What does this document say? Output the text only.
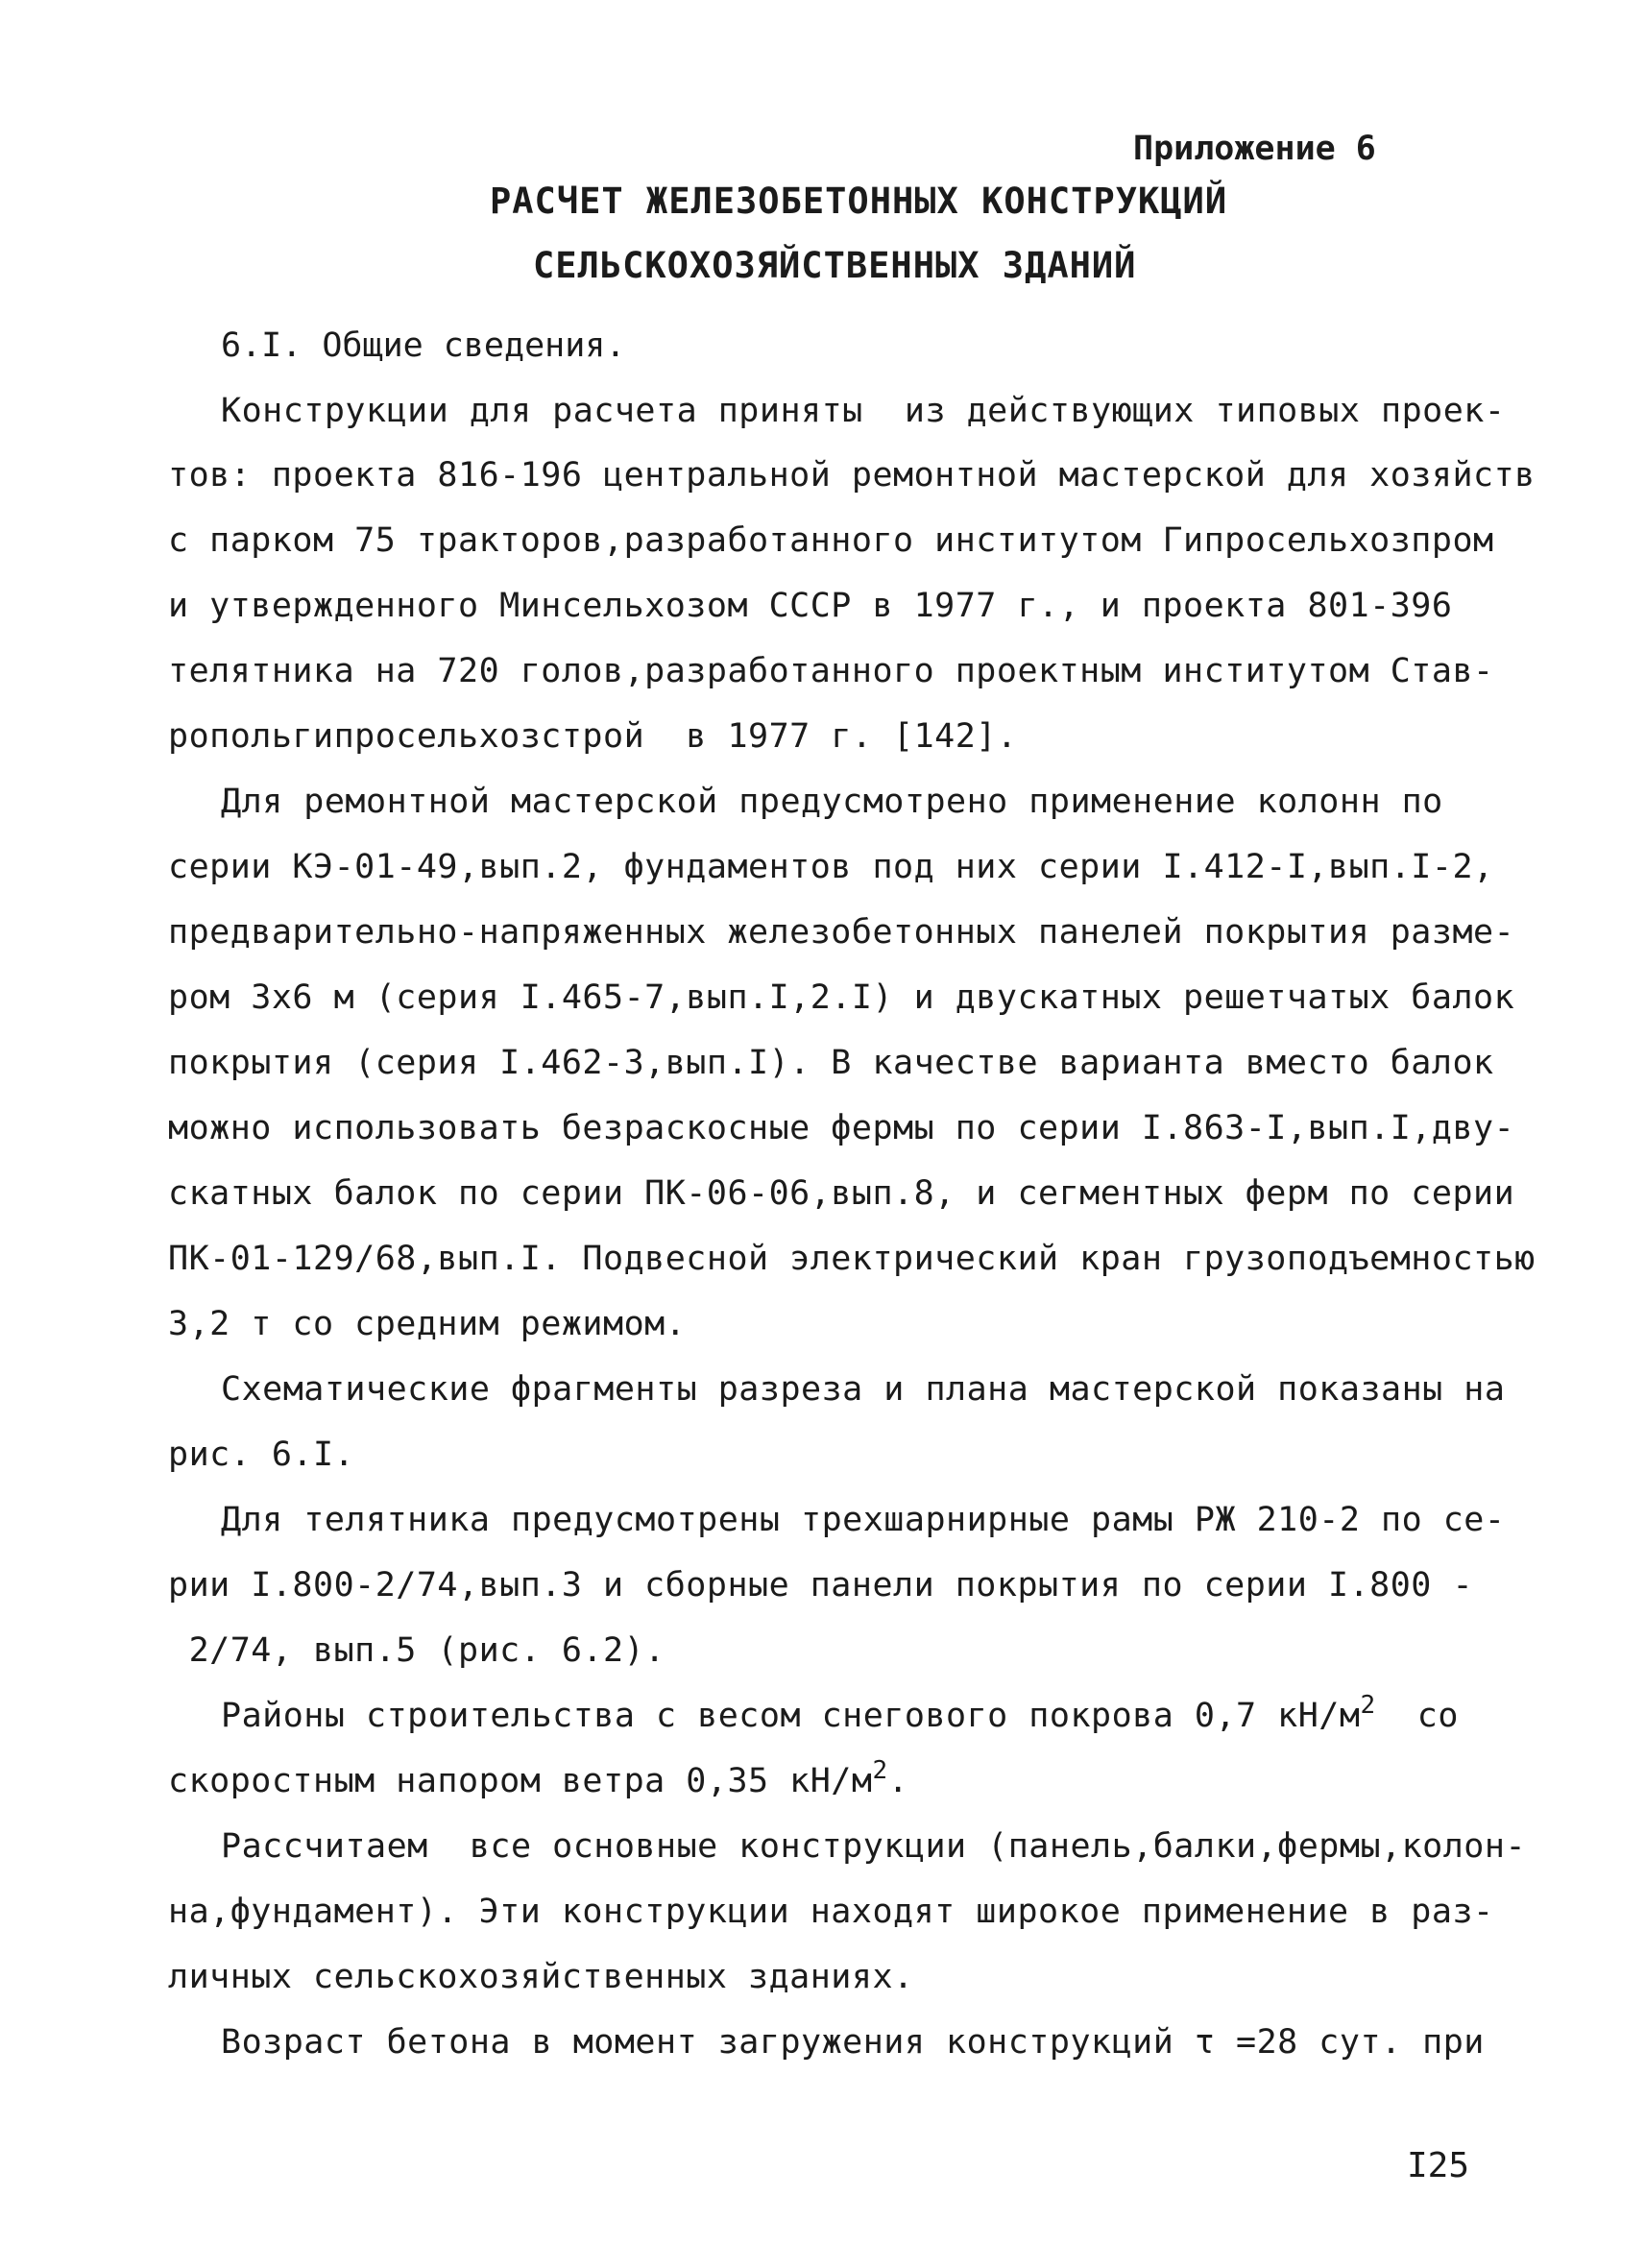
Приложение 6
РАСЧЕТ ЖЕЛЕЗОБЕТОННЫХ КОНСТРУКЦИЙ
СЕЛЬСКОХОЗЯЙСТВЕННЫХ ЗДАНИЙ
6.I. Общие сведения.
Конструкции для расчета приняты  из действующих типовых проек-
тов: проекта 816-196 центральной ремонтной мастерской для хозяйств
с парком 75 тракторов,разработанного институтом Гипросельхозпром
и утвержденного Минсельхозом СССР в 1977 г., и проекта 801-396
телятника на 720 голов,разработанного проектным институтом Став-
ропольгипросельхозстрой  в 1977 г. [142].
Для ремонтной мастерской предусмотрено применение колонн по
серии КЭ-01-49,вып.2, фундаментов под них серии I.412-I,вып.I-2,
предварительно-напряженных железобетонных панелей покрытия разме-
ром 3х6 м (серия I.465-7,вып.I,2.I) и двускатных решетчатых балок
покрытия (серия I.462-3,вып.I). В качестве варианта вместо балок
можно использовать безраскосные фермы по серии I.863-I,вып.I,дву-
скатных балок по серии ПК-06-06,вып.8, и сегментных ферм по серии
ПК-01-129/68,вып.I. Подвесной электрический кран грузоподъемностью
3,2 т со средним режимом.
Схематические фрагменты разреза и плана мастерской показаны на
рис. 6.I.
Для телятника предусмотрены трехшарнирные рамы РЖ 210-2 по се-
рии I.800-2/74,вып.3 и сборные панели покрытия по серии I.800 -
2/74, вып.5 (рис. 6.2).
Районы строительства с весом снегового покрова 0,7 $кН/м^2$  со
скоростным напором ветра 0,35 $кН/м^2$.
Рассчитаем  все основные конструкции (панель,балки,фермы,колон-
на,фундамент). Эти конструкции находят широкое применение в раз-
личных сельскохозяйственных зданиях.
Возраст бетона в момент загружения конструкций τ =28 сут. при
I25
